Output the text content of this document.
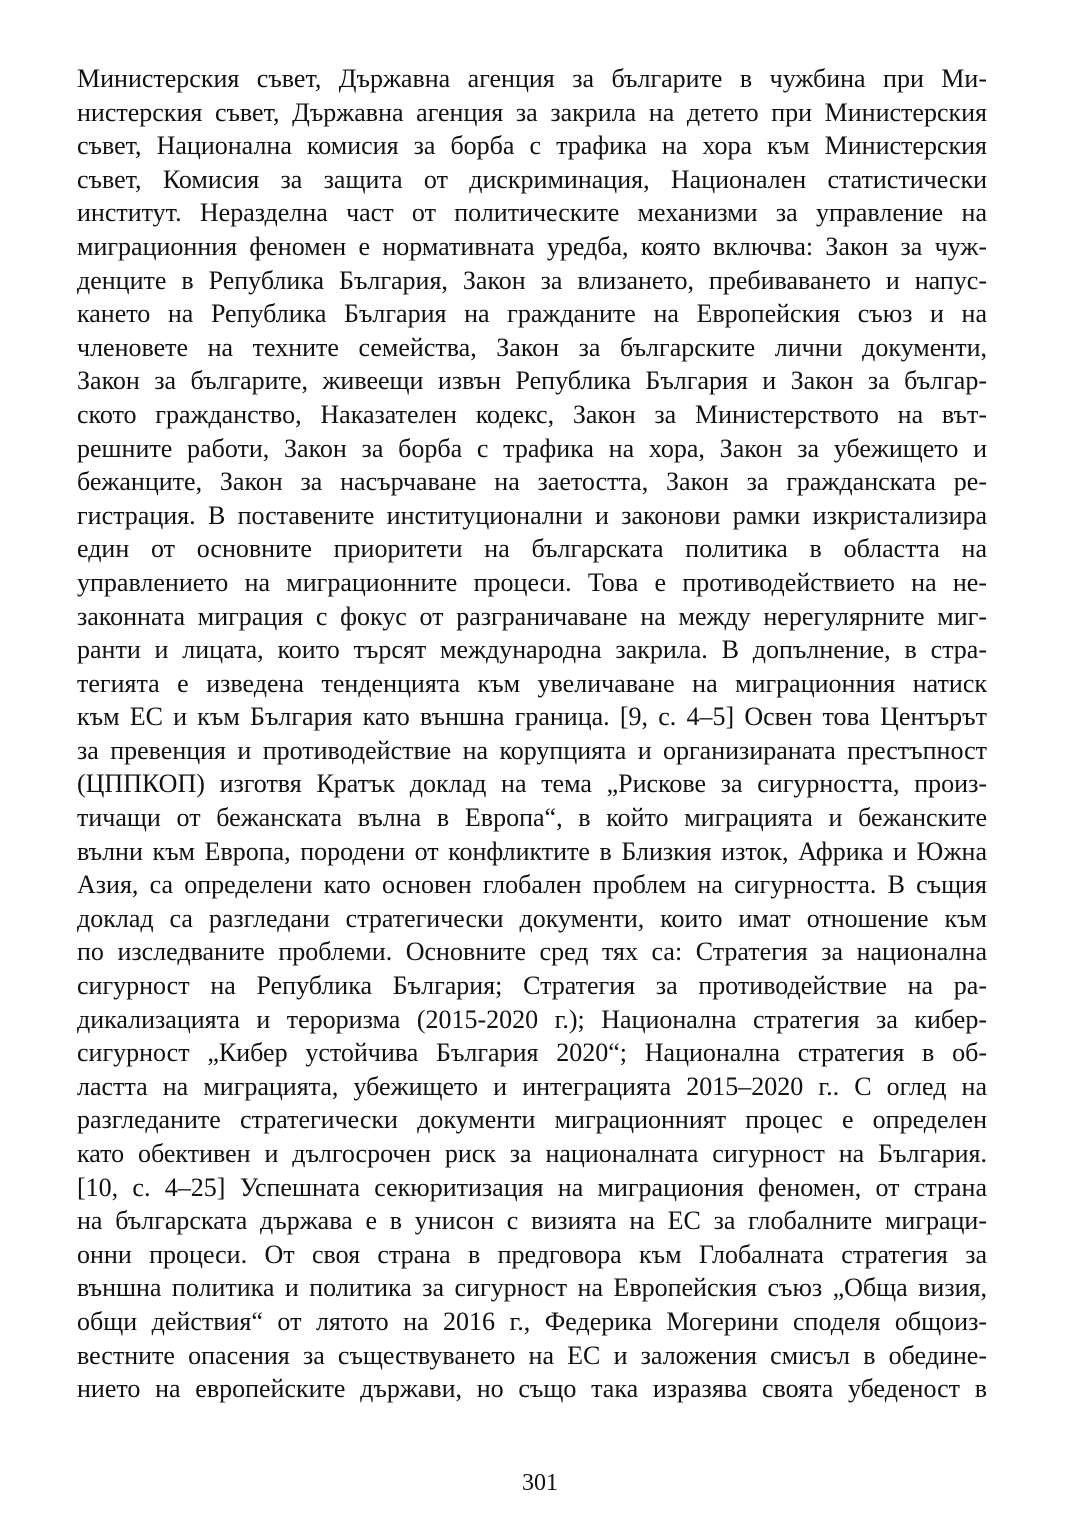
Министерския съвет, Държавна агенция за българите в чужбина при Ми-
нистерския съвет, Държавна агенция за закрила на детето при Министерския
съвет, Национална комисия за борба с трафика на хора към Министерския
съвет, Комисия за защита от дискриминация, Национален статистически
институт. Неразделна част от политическите механизми за управление на
миграционния феномен е нормативната уредба, която включва: Закон за чуж-
денците в Република България, Закон за влизането, пребиваването и напус-
кането на Република България на гражданите на Европейския съюз и на
членовете на техните семейства, Закон за българските лични документи,
Закон за българите, живеещи извън Република България и Закон за българ-
ското гражданство, Наказателен кодекс, Закон за Министерството на вът-
решните работи, Закон за борба с трафика на хора, Закон за убежището и
бежанците, Закон за насърчаване на заетостта, Закон за гражданската ре-
гистрация. В поставените институционални и законови рамки изкристализира
един от основните приоритети на българската политика в областта на
управлението на миграционните процеси. Това е противодействието на не-
законната миграция с фокус от разграничаване на между нерегулярните миг-
ранти и лицата, които търсят международна закрила. В допълнение, в стра-
тегията е изведена тенденцията към увеличаване на миграционния натиск
към ЕС и към България като външна граница. [9, с. 4–5] Освен това Центърът
за превенция и противодействие на корупцията и организираната престъпност
(ЦППКОП) изготвя Кратък доклад на тема „Рискове за сигурността, произ-
тичащи от бежанската вълна в Европа“, в който миграцията и бежанските
вълни към Европа, породени от конфликтите в Близкия изток, Африка и Южна
Азия, са определени като основен глобален проблем на сигурността. В същия
доклад са разгледани стратегически документи, които имат отношение към
по изследваните проблеми. Основните сред тях са: Стратегия за национална
сигурност на Република България; Стратегия за противодействие на ра-
дикализацията и тероризма (2015-2020 г.); Национална стратегия за кибер-
сигурност „Кибер устойчива България 2020“; Национална стратегия в об-
ластта на миграцията, убежището и интеграцията 2015–2020 г.. С оглед на
разгледаните стратегически документи миграционният процес е определен
като обективен и дългосрочен риск за националната сигурност на България.
[10, с. 4–25] Успешната секюритизация на миграциония феномен, от страна
на българската държава е в унисон с визията на ЕС за глобалните миграци-
онни процеси. От своя страна в предговора към Глобалната стратегия за
външна политика и политика за сигурност на Европейския съюз „Обща визия,
общи действия“ от лятото на 2016 г., Федерика Могерини споделя общоиз-
вестните опасения за съществуването на ЕС и заложения смисъл в обедине-
нието на европейските държави, но също така изразява своята убеденост в
301
